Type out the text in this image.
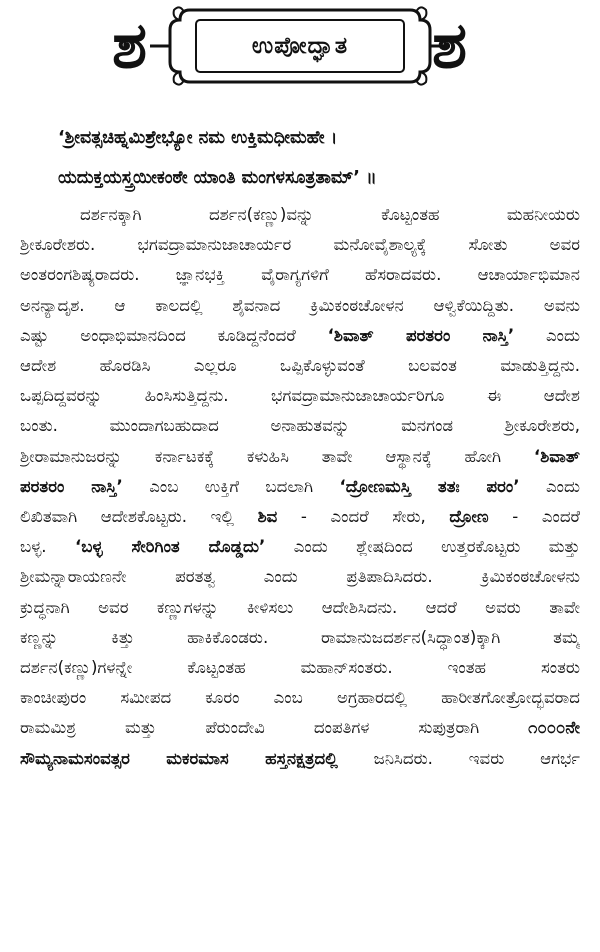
ಶ	ಶ
ಉಪೋದ್ಘಾತ
‘ಶ್ರೀವತ್ಸಚಿಹ್ನಮಿಶ್ರೇಭ್ಯೋ ನಮ ಉಕ್ತಿಮಧೀಮಹೇ ।
ಯದುಕ್ತಯಸ್ತ್ರಯೀಕಂಠೇ ಯಾಂತಿ ಮಂಗಳಸೂತ್ರತಾಮ್’ ॥
ದರ್ಶನಕ್ಕಾಗಿ ದರ್ಶನ(ಕಣ್ಣು)ವನ್ನು ಕೊಟ್ಟಂತಹ ಮಹನೀಯರು
ಶ್ರೀಕೂರೇಶರು. ಭಗವದ್ರಾಮಾನುಜಾಚಾರ್ಯರ ಮನೋವೈಶಾಲ್ಯಕ್ಕೆ ಸೋತು ಅವರ
ಅಂತರಂಗಶಿಷ್ಯರಾದರು. ಜ್ಞಾನಭಕ್ತಿ ವೈರಾಗ್ಯಗಳಿಗೆ ಹೆಸರಾದವರು. ಆಚಾರ್ಯಾಭಿಮಾನ
ಅನನ್ಯಾದೃಶ. ಆ ಕಾಲದಲ್ಲಿ ಶೈವನಾದ ಕ್ರಿಮಿಕಂಠಚೋಳನ ಆಳ್ವಿಕೆಯಿದ್ದಿತು. ಅವನು
ಎಷ್ಟು ಅಂಧಾಭಿಮಾನದಿಂದ ಕೂಡಿದ್ದನೆಂದರೆ ‘ಶಿವಾತ್ ಪರತರಂ ನಾಸ್ತಿ’ ಎಂದು
ಆದೇಶ ಹೊರಡಿಸಿ ಎಲ್ಲರೂ ಒಪ್ಪಿಕೊಳ್ಳುವಂತೆ ಬಲವಂತ ಮಾಡುತ್ತಿದ್ದನು.
ಒಪ್ಪದಿದ್ದವರನ್ನು ಹಿಂಸಿಸುತ್ತಿದ್ದನು. ಭಗವದ್ರಾಮಾನುಜಾಚಾರ್ಯರಿಗೂ ಈ ಆದೇಶ
ಬಂತು. ಮುಂದಾಗಬಹುದಾದ ಅನಾಹುತವನ್ನು ಮನಗಂಡ ಶ್ರೀಕೂರೇಶರು,
ಶ್ರೀರಾಮಾನುಜರನ್ನು ಕರ್ನಾಟಕಕ್ಕೆ ಕಳುಹಿಸಿ ತಾವೇ ಆಸ್ಥಾನಕ್ಕೆ ಹೋಗಿ ‘ಶಿವಾತ್
ಪರತರಂ ನಾಸ್ತಿ’ ಎಂಬ ಉಕ್ತಿಗೆ ಬದಲಾಗಿ ‘ದ್ರೋಣಮಸ್ತಿ ತತಃ ಪರಂ’ ಎಂದು
ಲಿಖಿತವಾಗಿ ಆದೇಶಕೊಟ್ಟರು. ಇಲ್ಲಿ ಶಿವ - ಎಂದರೆ ಸೇರು, ದ್ರೋಣ - ಎಂದರೆ
ಬಳ್ಳ. ‘ಬಳ್ಳ ಸೇರಿಗಿಂತ ದೊಡ್ಡದು’ ಎಂದು ಶ್ಲೇಷದಿಂದ ಉತ್ತರಕೊಟ್ಟರು ಮತ್ತು
ಶ್ರೀಮನ್ನಾರಾಯಣನೇ ಪರತತ್ವ ಎಂದು ಪ್ರತಿಪಾದಿಸಿದರು. ಕ್ರಿಮಿಕಂಠಚೋಳನು
ಕ್ರುದ್ಧನಾಗಿ ಅವರ ಕಣ್ಣುಗಳನ್ನು ಕೀಳಿಸಲು ಆದೇಶಿಸಿದನು. ಆದರೆ ಅವರು ತಾವೇ
ಕಣ್ಣನ್ನು ಕಿತ್ತು ಹಾಕಿಕೊಂಡರು. ರಾಮಾನುಜದರ್ಶನ(ಸಿದ್ಧಾಂತ)ಕ್ಕಾಗಿ ತಮ್ಮ
ದರ್ಶನ(ಕಣ್ಣು)ಗಳನ್ನೇ ಕೊಟ್ಟಂತಹ ಮಹಾನ್‌ಸಂತರು. ಇಂತಹ ಸಂತರು
ಕಾಂಚೀಪುರಂ ಸಮೀಪದ ಕೂರಂ ಎಂಬ ಅಗ್ರಹಾರದಲ್ಲಿ ಹಾರೀತಗೋತ್ರೋದ್ಭವರಾದ
ರಾಮಮಿಶ್ರ ಮತ್ತು ಪೆರುಂದೇವಿ ದಂಪತಿಗಳ ಸುಪುತ್ರರಾಗಿ ೧೦೦೦ನೇ
ಸೌಮ್ಯನಾಮಸಂವತ್ಸರ ಮಕರಮಾಸ ಹಸ್ತನಕ್ಷತ್ರದಲ್ಲಿ ಜನಿಸಿದರು. ಇವರು ಆಗರ್ಭ
